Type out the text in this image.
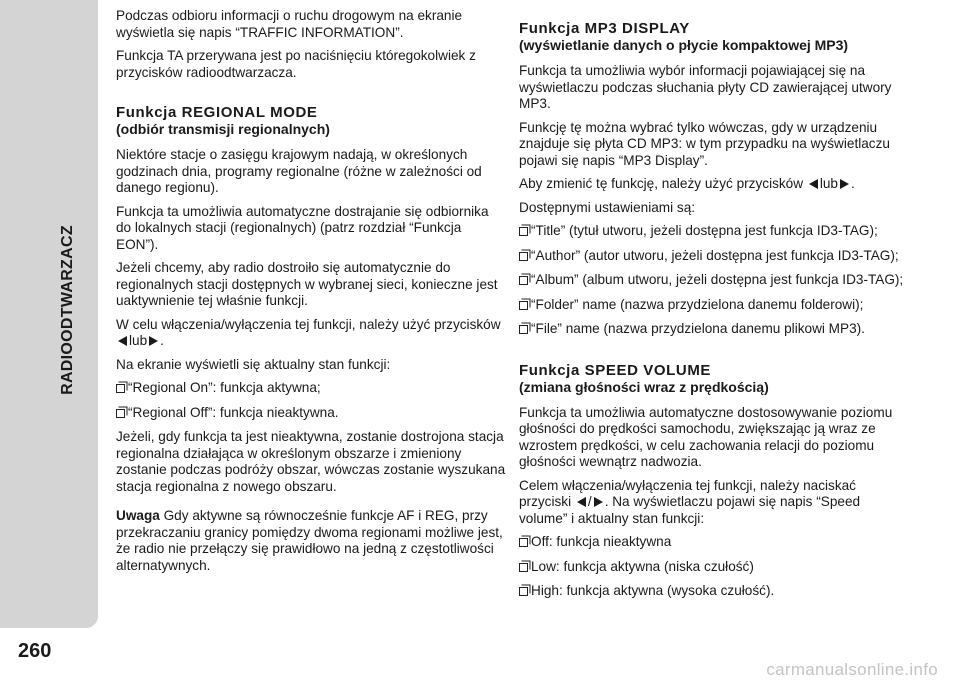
RADIOODTWARZACZ
260

Podczas odbioru informacji o ruchu drogowym na ekranie wyświetla się napis “TRAFFIC INFORMATION”.

Funkcja TA przerywana jest po naciśnięciu któregokolwiek z przycisków radioodtwarzacza.

Funkcja REGIONAL MODE
(odbiór transmisji regionalnych)

Niektóre stacje o zasięgu krajowym nadają, w określonych godzinach dnia, programy regionalne (różne w zależności od danego regionu).

Funkcja ta umożliwia automatyczne dostrajanie się odbiornika do lokalnych stacji (regionalnych) (patrz rozdział “Funkcja EON”).

Jeżeli chcemy, aby radio dostroiło się automatycznie do regionalnych stacji dostępnych w wybranej sieci, konieczne jest uaktywnienie tej właśnie funkcji.

W celu włączenia/wyłączenia tej funkcji, należy użyć przycisków lub .

Na ekranie wyświetli się aktualny stan funkcji:

“Regional On”: funkcja aktywna;
“Regional Off”: funkcja nieaktywna.

Jeżeli, gdy funkcja ta jest nieaktywna, zostanie dostrojona stacja regionalna działająca w określonym obszarze i zmieniony zostanie podczas podróży obszar, wówczas zostanie wyszukana stacja regionalna z nowego obszaru.

Uwaga Gdy aktywne są równocześnie funkcje AF i REG, przy przekraczaniu granicy pomiędzy dwoma regionami możliwe jest, że radio nie przełączy się prawidłowo na jedną z częstotliwości alternatywnych.

Funkcja MP3 DISPLAY
(wyświetlanie danych o płycie kompaktowej MP3)

Funkcja ta umożliwia wybór informacji pojawiającej się na wyświetlaczu podczas słuchania płyty CD zawierającej utwory MP3.

Funkcję tę można wybrać tylko wówczas, gdy w urządzeniu znajduje się płyta CD MP3: w tym przypadku na wyświetlaczu pojawi się napis “MP3 Display”.

Aby zmienić tę funkcję, należy użyć przycisków lub .

Dostępnymi ustawieniami są:

“Title” (tytuł utworu, jeżeli dostępna jest funkcja ID3-TAG);
“Author” (autor utworu, jeżeli dostępna jest funkcja ID3-TAG);
“Album” (album utworu, jeżeli dostępna jest funkcja ID3-TAG);
“Folder” name (nazwa przydzielona danemu folderowi);
“File” name (nazwa przydzielona danemu plikowi MP3).
Funkcja SPEED VOLUME
(zmiana głośności wraz z prędkością)

Funkcja ta umożliwia automatyczne dostosowywanie poziomu głośności do prędkości samochodu, zwiększając ją wraz ze wzrostem prędkości, w celu zachowania relacji do poziomu głośności wewnątrz nadwozia.

Celem włączenia/wyłączenia tej funkcji, należy naciskać przyciski / . Na wyświetlaczu pojawi się napis “Speed volume” i aktualny stan funkcji:

Off: funkcja nieaktywna
Low: funkcja aktywna (niska czułość)
High: funkcja aktywna (wysoka czułość).
carmanualsonline.info
